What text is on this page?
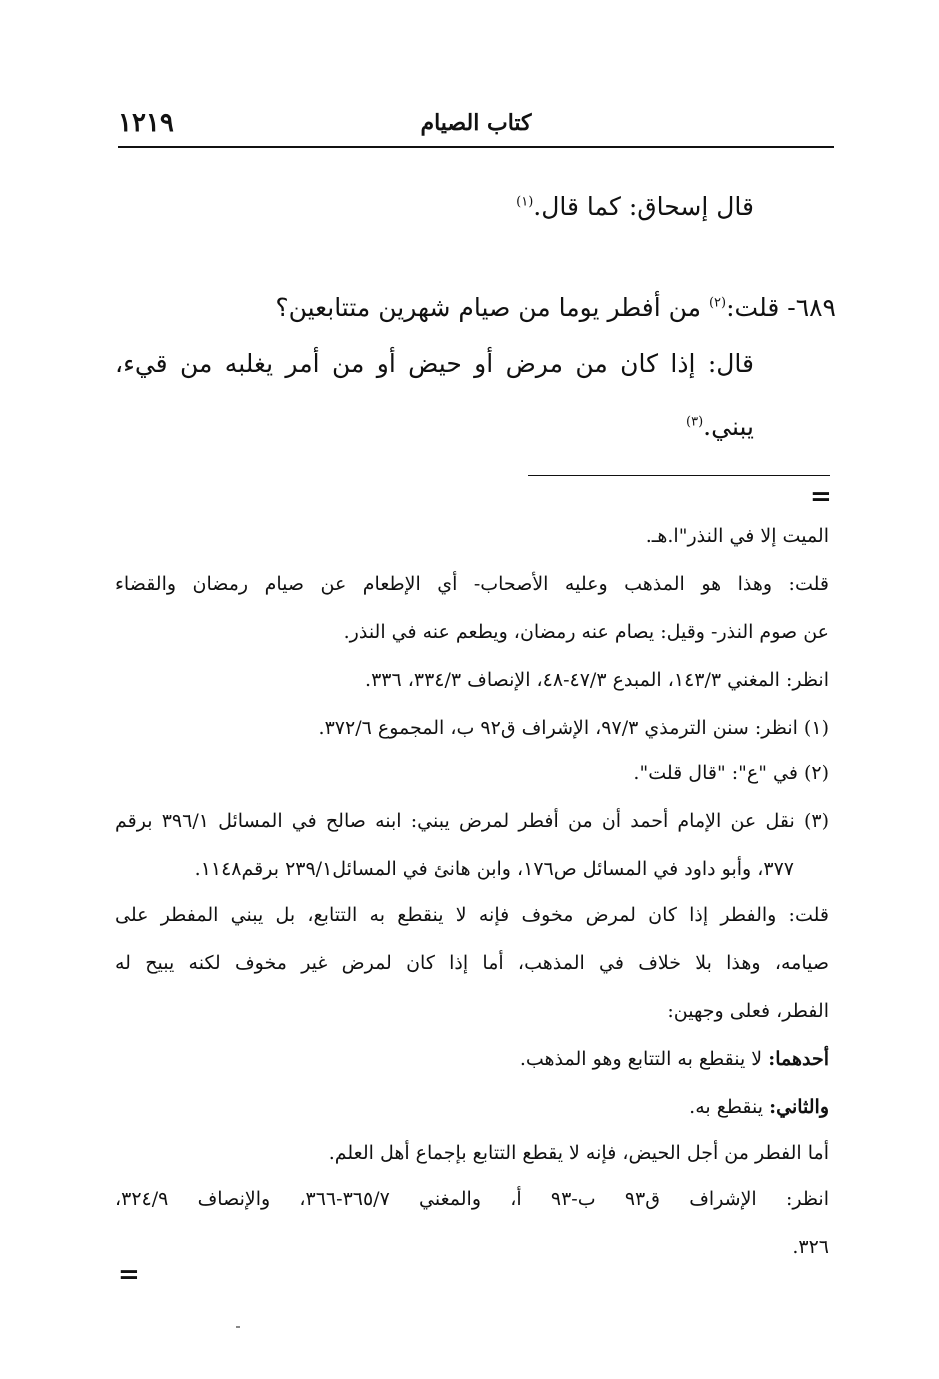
١٢١٩	كتاب الصيام
قال إسحاق: كما قال.$^{(١)}$
٦٨٩- قلت:$^{(٢)}$ من أفطر يوما من صيام شهرين متتابعين؟
قال: إذا كان من مرض أو حيض أو من أمر يغلبه من قيء،
يبني.$^{(٣)}$
=
الميت إلا في النذر"ا.هـ.
قلت: وهذا هو المذهب وعليه الأصحاب- أي الإطعام عن صيام رمضان والقضاء
عن صوم النذر- وقيل: يصام عنه رمضان، ويطعم عنه في النذر.
انظر: المغني ١٤٣/٣، المبدع ٤٧/٣-٤٨، الإنصاف ٣٣٤/٣، ٣٣٦.
(١) انظر: سنن الترمذي ٩٧/٣، الإشراف ق٩٢ ب، المجموع ٣٧٢/٦.
(٢) في "ع": "قال قلت".
(٣) نقل عن الإمام أحمد أن من أفطر لمرض يبني: ابنه صالح في المسائل ٣٩٦/١ برقم
٣٧٧، وأبو داود في المسائل ص١٧٦، وابن هانئ في المسائل٢٣٩/١ برقم١١٤٨.
قلت: والفطر إذا كان لمرض مخوف فإنه لا ينقطع به التتابع، بل يبني المفطر على
صيامه، وهذا بلا خلاف في المذهب، أما إذا كان لمرض غير مخوف لكنه يبيح له
الفطر، فعلى وجهين:
أحدهما: لا ينقطع به التتابع وهو المذهب.
والثاني: ينقطع به.
أما الفطر من أجل الحيض، فإنه لا يقطع التتابع بإجماع أهل العلم.
انظر: الإشراف ق٩٣ ب-٩٣ أ، والمغني ٣٦٥/٧-٣٦٦، والإنصاف ٣٢٤/٩،
٣٢٦.
=
